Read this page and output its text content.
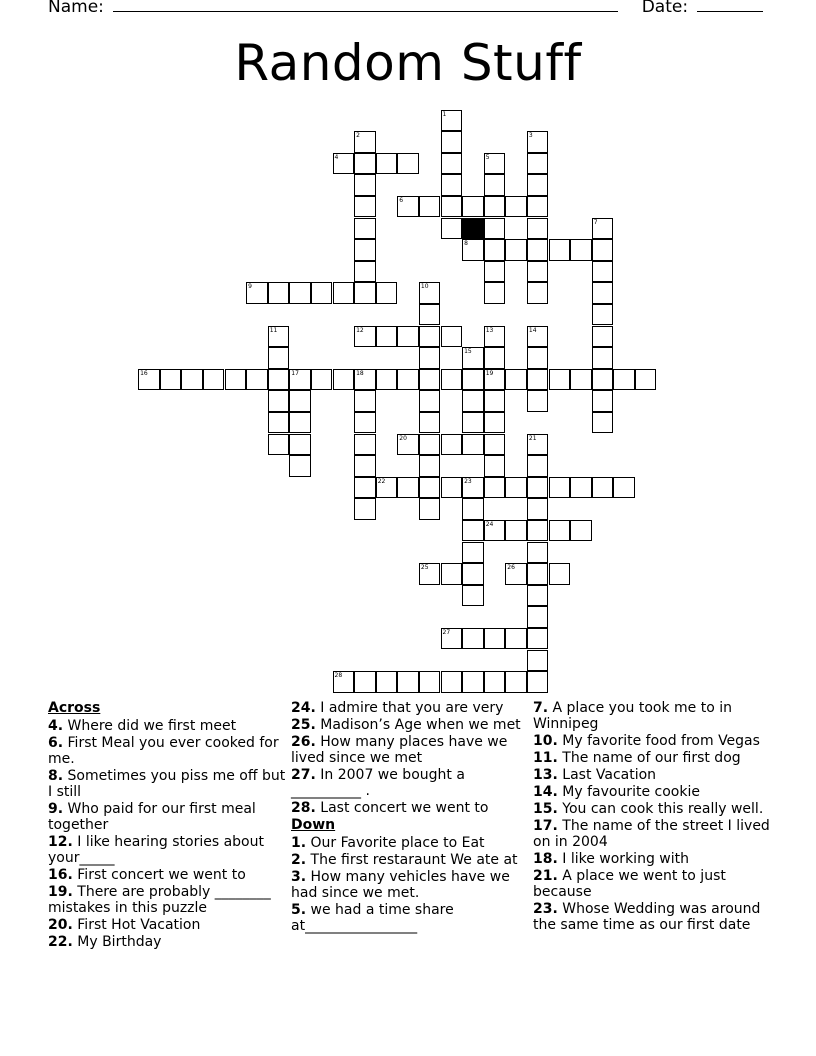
Name:	Date:
Random Stuff
1
2	3
4	5
6
7
8
9	10
11	12	13	14
15
16	17	18	19
20	21
22	23
24
25	26
27
28
Across
4. Where did we first meet
6. First Meal you ever cooked for me.
8. Sometimes you piss me off but I still
9. Who paid for our first meal together
12. I like hearing stories about your_____
16. First concert we went to
19. There are probably ________ mistakes in this puzzle
20. First Hot Vacation
22. My Birthday
24. I admire that you are very
25. Madison’s Age when we met
26. How many places have we lived since we met
27. In 2007 we bought a __________ .
28. Last concert we went to
Down
1. Our Favorite place to Eat
2. The first restaraunt We ate at
3. How many vehicles have we had since we met.
5. we had a time share at________________
7. A place you took me to in Winnipeg
10. My favorite food from Vegas
11. The name of our first dog
13. Last Vacation
14. My favourite cookie
15. You can cook this really well.
17. The name of the street I lived on in 2004
18. I like working with
21. A place we went to just because
23. Whose Wedding was around the same time as our first date
